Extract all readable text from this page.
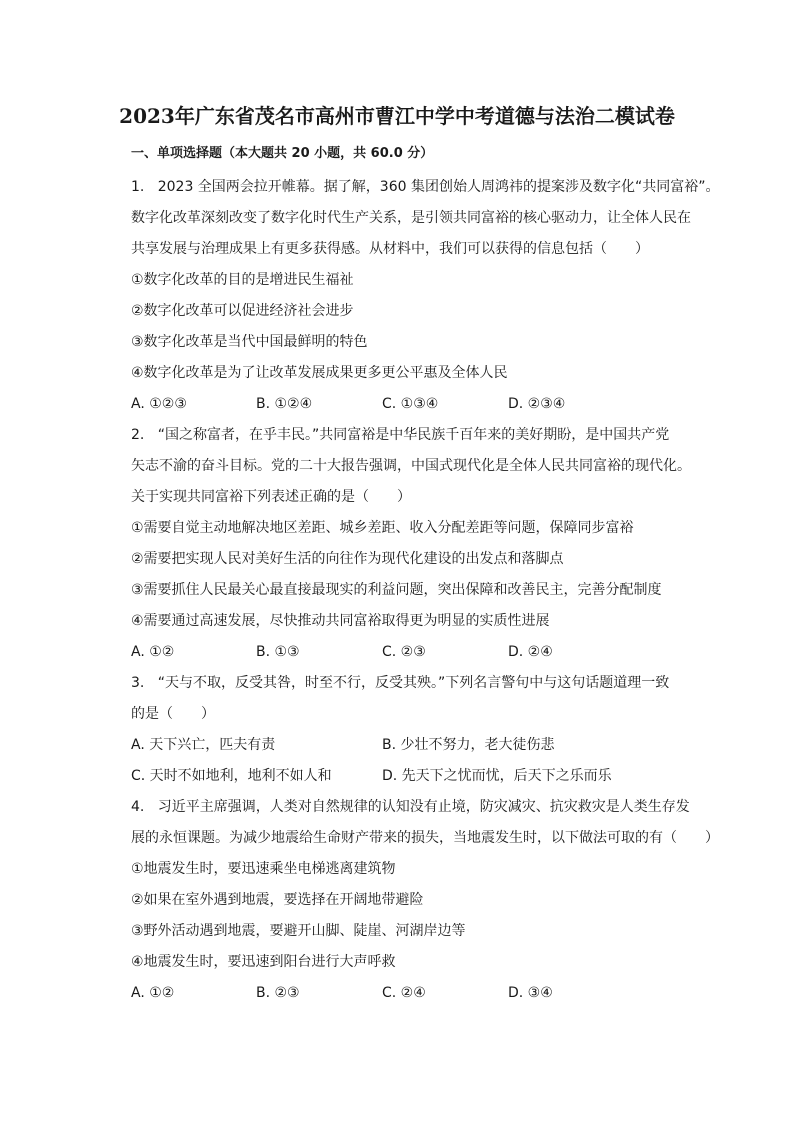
2023年广东省茂名市高州市曹江中学中考道德与法治二模试卷
一、单项选择题（本大题共 20 小题，共 60.0 分）
1. 2023 全国两会拉开帷幕。据了解，360 集团创始人周鸿祎的提案涉及数字化“共同富裕”。
数字化改革深刻改变了数字化时代生产关系，是引领共同富裕的核心驱动力，让全体人民在
共享发展与治理成果上有更多获得感。从材料中，我们可以获得的信息包括（　　）
①数字化改革的目的是增进民生福祉
②数字化改革可以促进经济社会进步
③数字化改革是当代中国最鲜明的特色
④数字化改革是为了让改革发展成果更多更公平惠及全体人民
A. ①②③	B. ①②④	C. ①③④	D. ②③④
2. “国之称富者，在乎丰民。”共同富裕是中华民族千百年来的美好期盼，是中国共产党
矢志不渝的奋斗目标。党的二十大报告强调，中国式现代化是全体人民共同富裕的现代化。
关于实现共同富裕下列表述正确的是（　　）
①需要自觉主动地解决地区差距、城乡差距、收入分配差距等问题，保障同步富裕
②需要把实现人民对美好生活的向往作为现代化建设的出发点和落脚点
③需要抓住人民最关心最直接最现实的利益问题，突出保障和改善民主，完善分配制度
④需要通过高速发展，尽快推动共同富裕取得更为明显的实质性进展
A. ①②	B. ①③	C. ②③	D. ②④
3. “天与不取，反受其咎，时至不行，反受其殃。”下列名言警句中与这句话题道理一致
的是（　　）
A. 天下兴亡，匹夫有责	B. 少壮不努力，老大徒伤悲
C. 天时不如地利，地利不如人和	D. 先天下之忧而忧，后天下之乐而乐
4. 习近平主席强调，人类对自然规律的认知没有止境，防灾减灾、抗灾救灾是人类生存发
展的永恒课题。为减少地震给生命财产带来的损失，当地震发生时，以下做法可取的有（　　）
①地震发生时，要迅速乘坐电梯逃离建筑物
②如果在室外遇到地震，要选择在开阔地带避险
③野外活动遇到地震，要避开山脚、陡崖、河湖岸边等
④地震发生时，要迅速到阳台进行大声呼救
A. ①②	B. ②③	C. ②④	D. ③④
